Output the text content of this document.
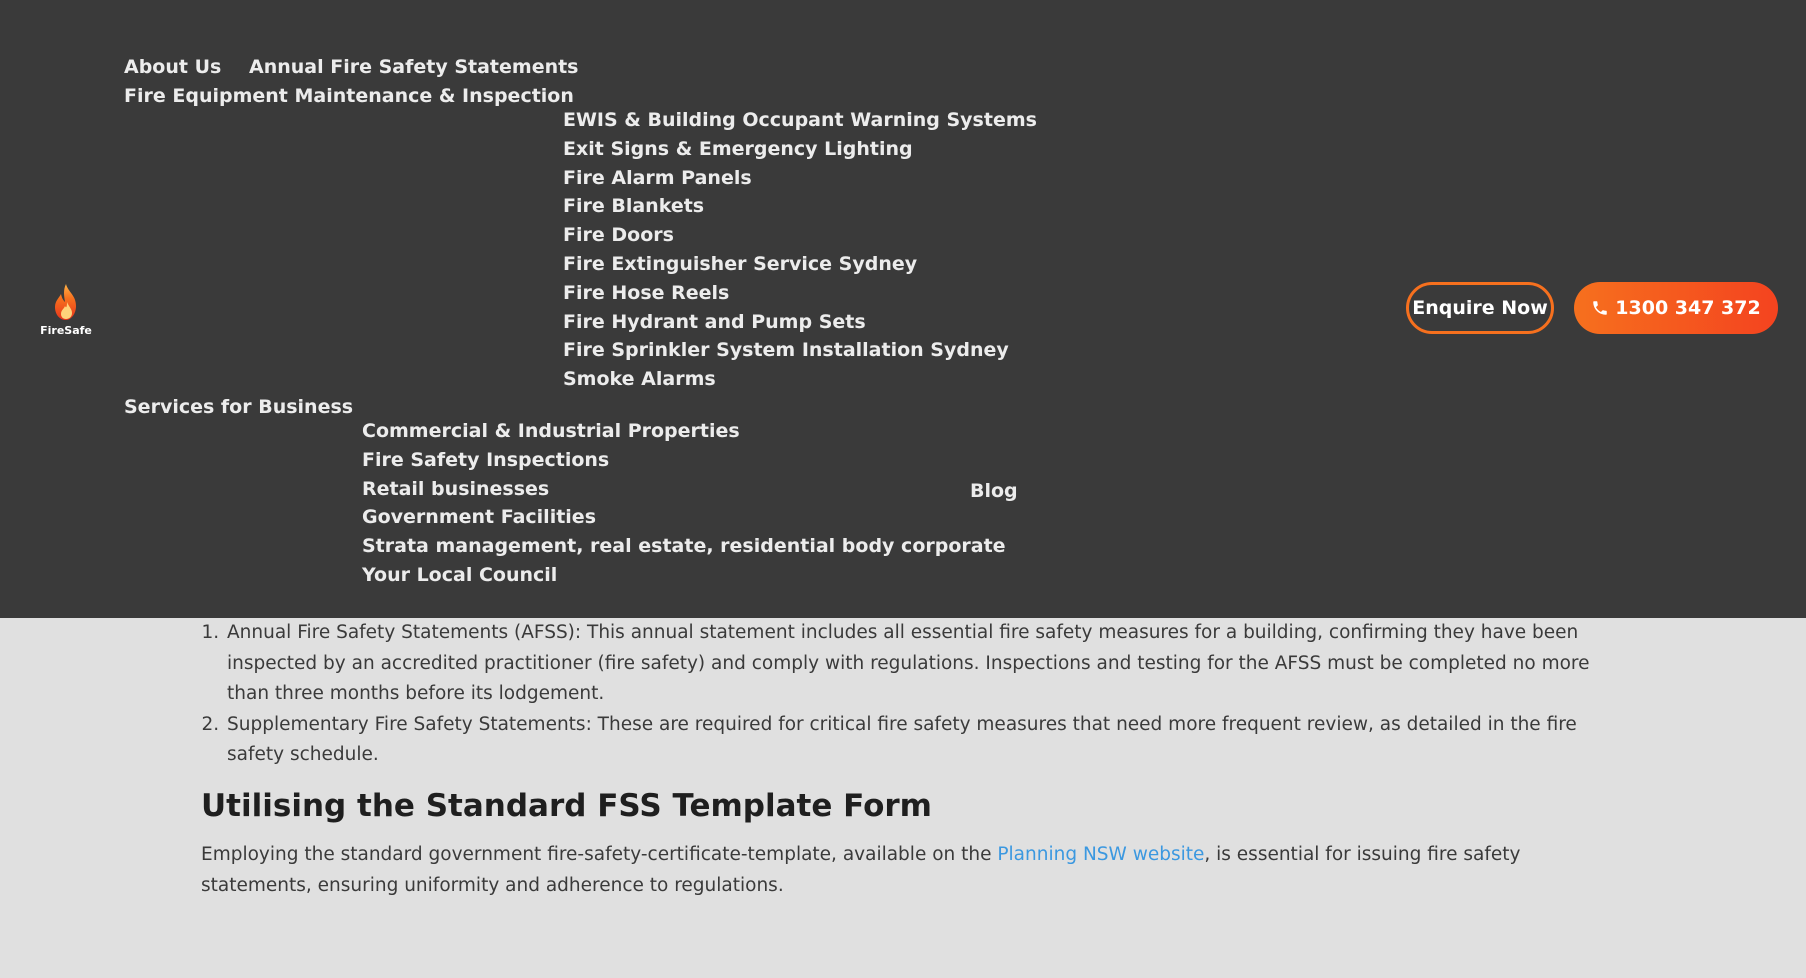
FireSafe
About Us Annual Fire Safety Statements
Fire Equipment Maintenance & Inspection
EWIS & Building Occupant Warning Systems
Exit Signs & Emergency Lighting
Fire Alarm Panels
Fire Blankets
Fire Doors
Fire Extinguisher Service Sydney
Fire Hose Reels
Fire Hydrant and Pump Sets
Fire Sprinkler System Installation Sydney
Smoke Alarms
Services for Business
Commercial & Industrial Properties
Fire Safety Inspections
Retail businesses
Government Facilities
Strata management, real estate, residential body corporate
Your Local Council
Blog
Enquire Now	1300 347 372
1. Annual Fire Safety Statements (AFSS): This annual statement includes all essential fire safety measures for a building, confirming they have been inspected by an accredited practitioner (fire safety) and comply with regulations. Inspections and testing for the AFSS must be completed no more than three months before its lodgement.
2. Supplementary Fire Safety Statements: These are required for critical fire safety measures that need more frequent review, as detailed in the fire safety schedule.
Utilising the Standard FSS Template Form

Employing the standard government fire-safety-certificate-template, available on the Planning NSW website, is essential for issuing fire safety statements, ensuring uniformity and adherence to regulations.
